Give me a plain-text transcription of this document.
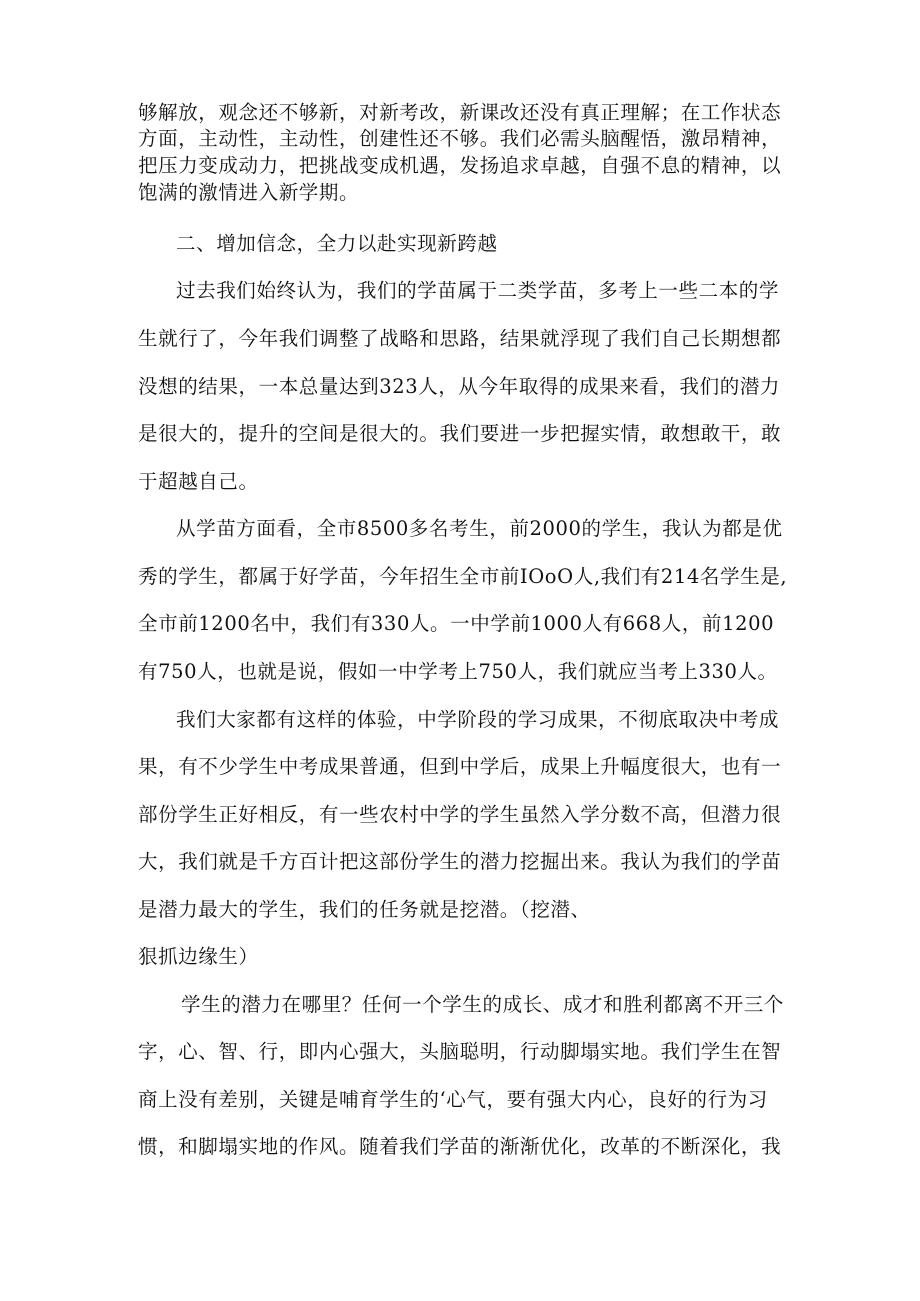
够解放，观念还不够新，对新考改，新课改还没有真正理解；在工作状态
方面，主动性，主动性，创建性还不够。我们必需头脑醒悟，激昂精神，
把压力变成动力，把挑战变成机遇，发扬追求卓越，自强不息的精神，以
饱满的激情进入新学期。
二、增加信念，全力以赴实现新跨越
过去我们始终认为，我们的学苗属于二类学苗，多考上一些二本的学
生就行了，今年我们调整了战略和思路，结果就浮现了我们自己长期想都
没想的结果，一本总量达到323人，从今年取得的成果来看，我们的潜力
是很大的，提升的空间是很大的。我们要进一步把握实情，敢想敢干，敢
于超越自己。
从学苗方面看，全市8500多名考生，前2000的学生，我认为都是优
秀的学生，都属于好学苗，今年招生全市前IOoO人,我们有214名学生是,
全市前1200名中，我们有330人。一中学前1000人有668人，前1200
有750人，也就是说，假如一中学考上750人，我们就应当考上330人。
我们大家都有这样的体验，中学阶段的学习成果，不彻底取决中考成
果，有不少学生中考成果普通，但到中学后，成果上升幅度很大，也有一
部份学生正好相反，有一些农村中学的学生虽然入学分数不高，但潜力很
大，我们就是千方百计把这部份学生的潜力挖掘出来。我认为我们的学苗
是潜力最大的学生，我们的任务就是挖潜。（挖潜、
狠抓边缘生）
学生的潜力在哪里？任何一个学生的成长、成才和胜利都离不开三个
字，心、智、行，即内心强大，头脑聪明，行动脚塌实地。我们学生在智
商上没有差别，关键是哺育学生的‘心气，要有强大内心，良好的行为习
惯，和脚塌实地的作风。随着我们学苗的渐渐优化，改革的不断深化，我
